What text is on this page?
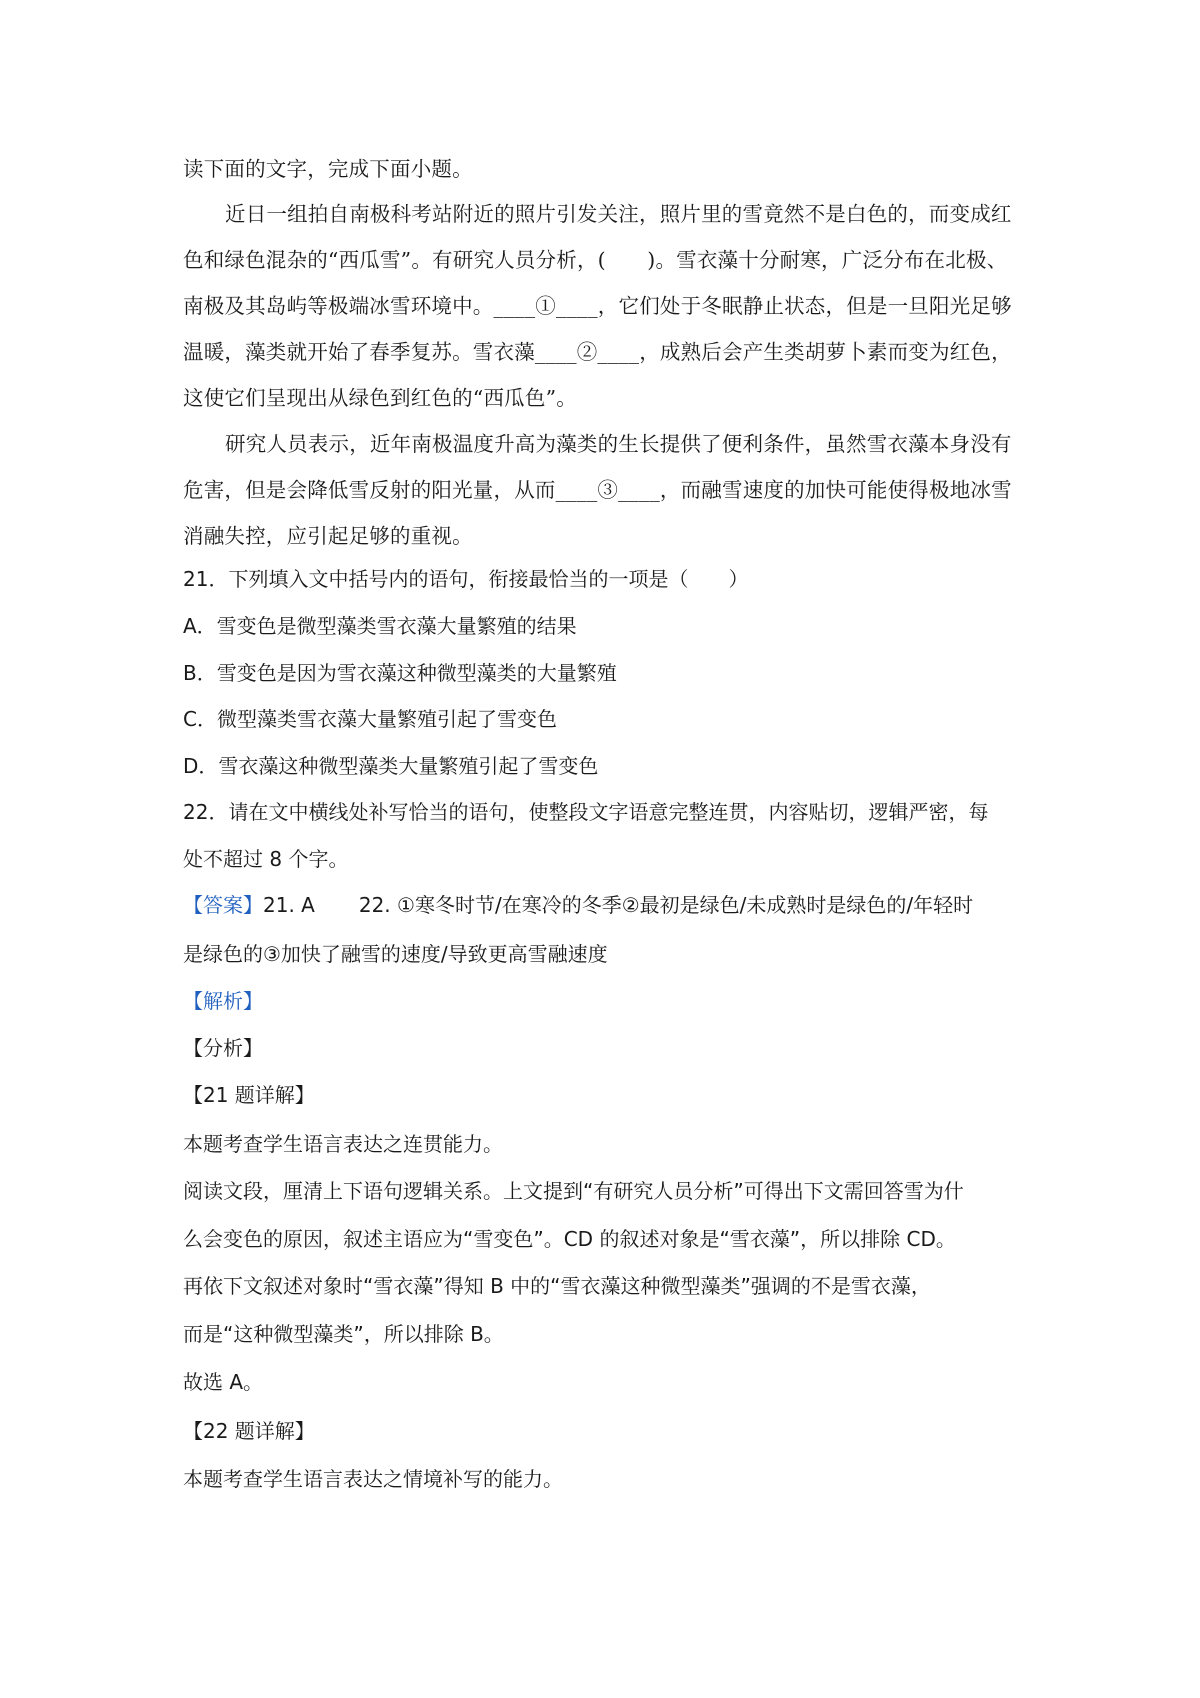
读下面的文字，完成下面小题。
近日一组拍自南极科考站附近的照片引发关注，照片里的雪竟然不是白色的，而变成红
色和绿色混杂的“西瓜雪”。有研究人员分析，(　　)。雪衣藻十分耐寒，广泛分布在北极、
南极及其岛屿等极端冰雪环境中。____①____，它们处于冬眠静止状态，但是一旦阳光足够
温暖，藻类就开始了春季复苏。雪衣藻____②____，成熟后会产生类胡萝卜素而变为红色，
这使它们呈现出从绿色到红色的“西瓜色”。
研究人员表示，近年南极温度升高为藻类的生长提供了便利条件，虽然雪衣藻本身没有
危害，但是会降低雪反射的阳光量，从而____③____，而融雪速度的加快可能使得极地冰雪
消融失控，应引起足够的重视。
21．下列填入文中括号内的语句，衔接最恰当的一项是（　　）
A．雪变色是微型藻类雪衣藻大量繁殖的结果
B．雪变色是因为雪衣藻这种微型藻类的大量繁殖
C．微型藻类雪衣藻大量繁殖引起了雪变色
D．雪衣藻这种微型藻类大量繁殖引起了雪变色
22．请在文中横线处补写恰当的语句，使整段文字语意完整连贯，内容贴切，逻辑严密，每
处不超过 8 个字。
【答案】21. A 22. ①寒冬时节/在寒冷的冬季②最初是绿色/未成熟时是绿色的/年轻时
是绿色的③加快了融雪的速度/导致更高雪融速度
【解析】
【分析】
【21 题详解】
本题考查学生语言表达之连贯能力。
阅读文段，厘清上下语句逻辑关系。上文提到“有研究人员分析”可得出下文需回答雪为什
么会变色的原因，叙述主语应为“雪变色”。CD 的叙述对象是“雪衣藻”，所以排除 CD。
再依下文叙述对象时“雪衣藻”得知 B 中的“雪衣藻这种微型藻类”强调的不是雪衣藻，
而是“这种微型藻类”，所以排除 B。
故选 A。
【22 题详解】
本题考查学生语言表达之情境补写的能力。
